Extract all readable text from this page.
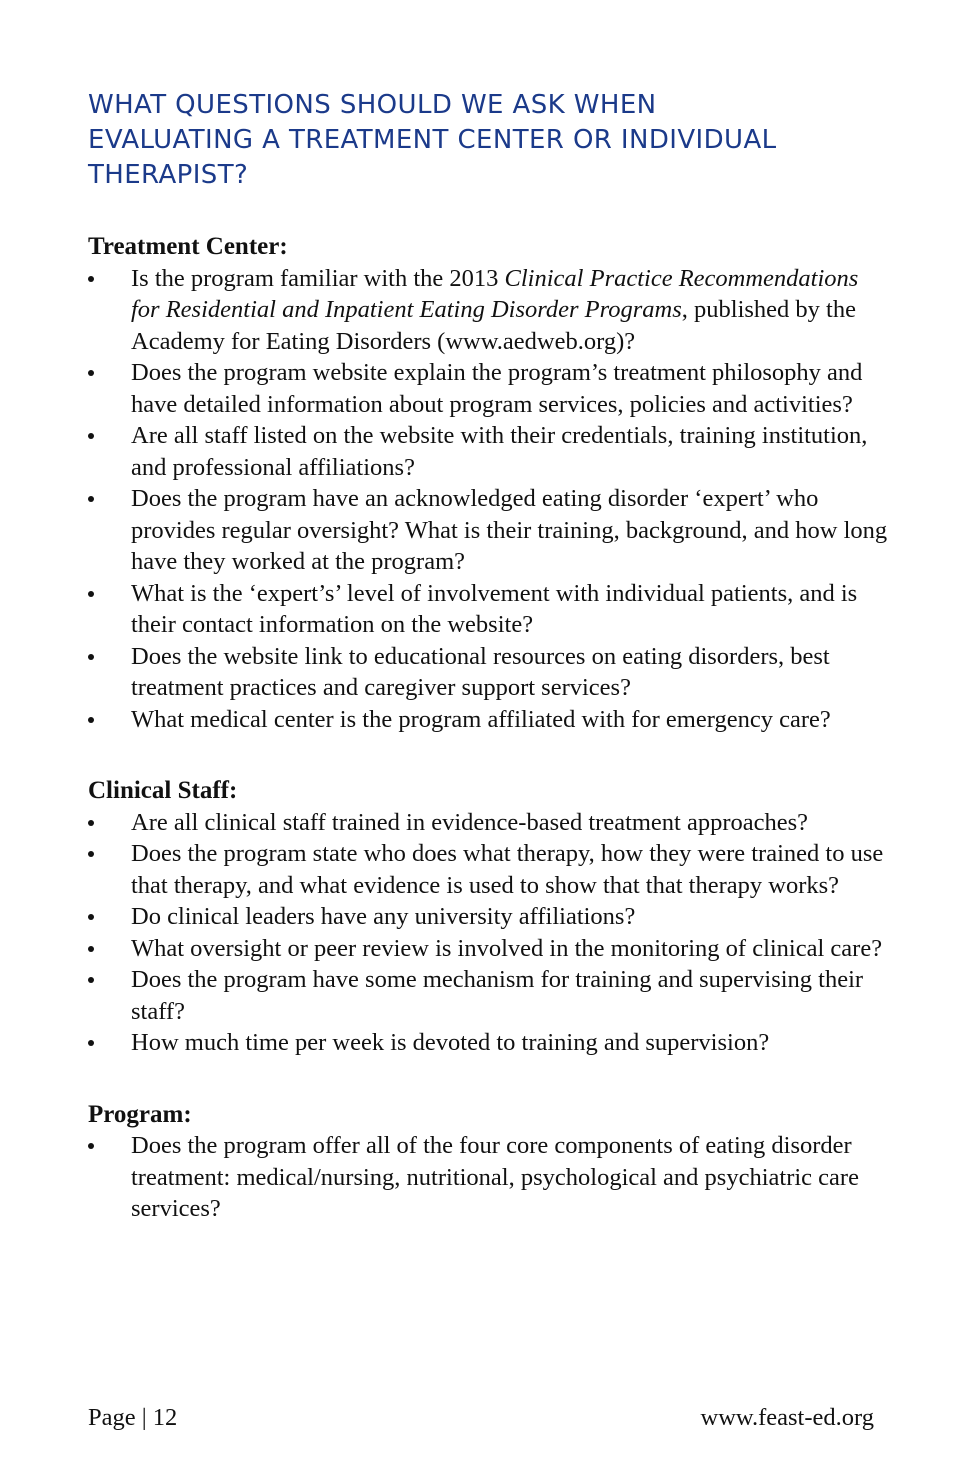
WHAT QUESTIONS SHOULD WE ASK WHEN EVALUATING A TREATMENT CENTER OR INDIVIDUAL THERAPIST?
Treatment Center:
Is the program familiar with the 2013 Clinical Practice Recommendations for Residential and Inpatient Eating Disorder Programs, published by the Academy for Eating Disorders (www.aedweb.org)?
Does the program website explain the program’s treatment philosophy and have detailed information about program services, policies and activities?
Are all staff listed on the website with their credentials, training institution, and professional affiliations?
Does the program have an acknowledged eating disorder ‘expert’ who provides regular oversight? What is their training, background, and how long have they worked at the program?
What is the ‘expert’s’ level of involvement with individual patients, and is their contact information on the website?
Does the website link to educational resources on eating disorders, best treatment practices and caregiver support services?
What medical center is the program affiliated with for emergency care?
Clinical Staff:
Are all clinical staff trained in evidence-based treatment approaches?
Does the program state who does what therapy, how they were trained to use that therapy, and what evidence is used to show that that therapy works?
Do clinical leaders have any university affiliations?
What oversight or peer review is involved in the monitoring of clinical care?
Does the program have some mechanism for training and supervising their staff?
How much time per week is devoted to training and supervision?
Program:
Does the program offer all of the four core components of eating disorder treatment: medical/nursing, nutritional, psychological and psychiatric care services?
Page | 12	www.feast-ed.org
